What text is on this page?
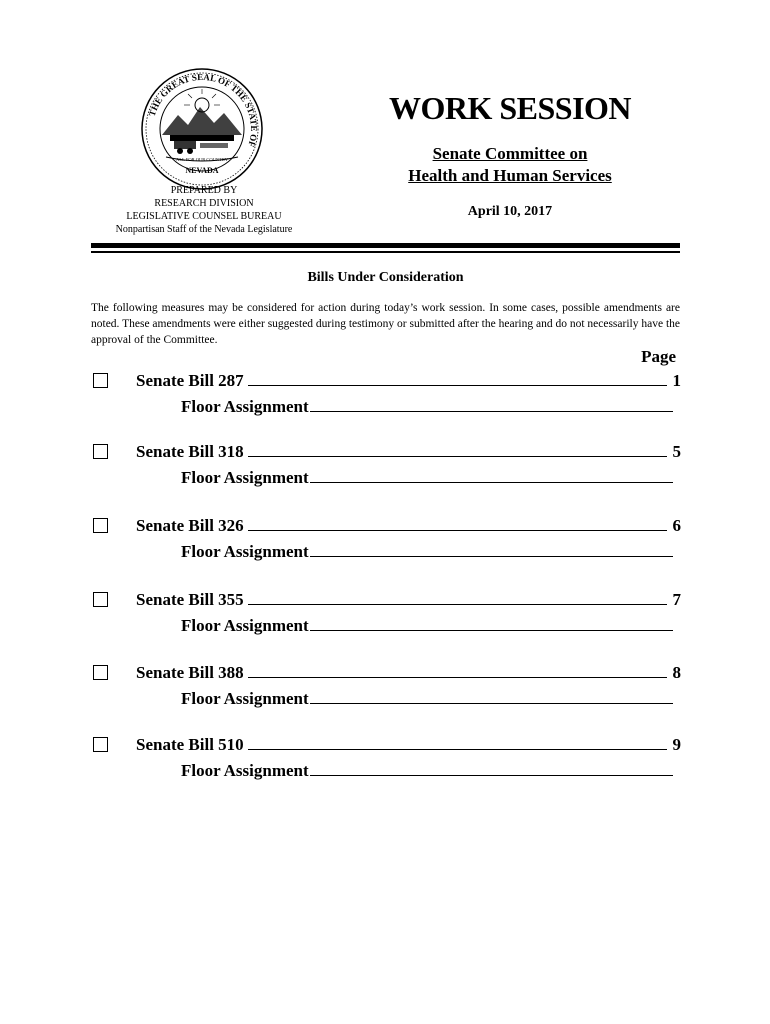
THE GREAT SEAL OF THE STATE OF
NEVADA
ALL FOR OUR COUNTRY
PREPARED BY
RESEARCH DIVISION
LEGISLATIVE COUNSEL BUREAU
Nonpartisan Staff of the Nevada Legislature
WORK SESSION
Senate Committee on
Health and Human Services
April 10, 2017
Bills Under Consideration
The following measures may be considered for action during today’s work session. In some cases, possible amendments are noted. These amendments were either suggested during testimony or submitted after the hearing and do not necessarily have the approval of the Committee.
Page
Senate Bill 287	1
Floor Assignment
Senate Bill 318	5
Floor Assignment
Senate Bill 326	6
Floor Assignment
Senate Bill 355	7
Floor Assignment
Senate Bill 388	8
Floor Assignment
Senate Bill 510	9
Floor Assignment
